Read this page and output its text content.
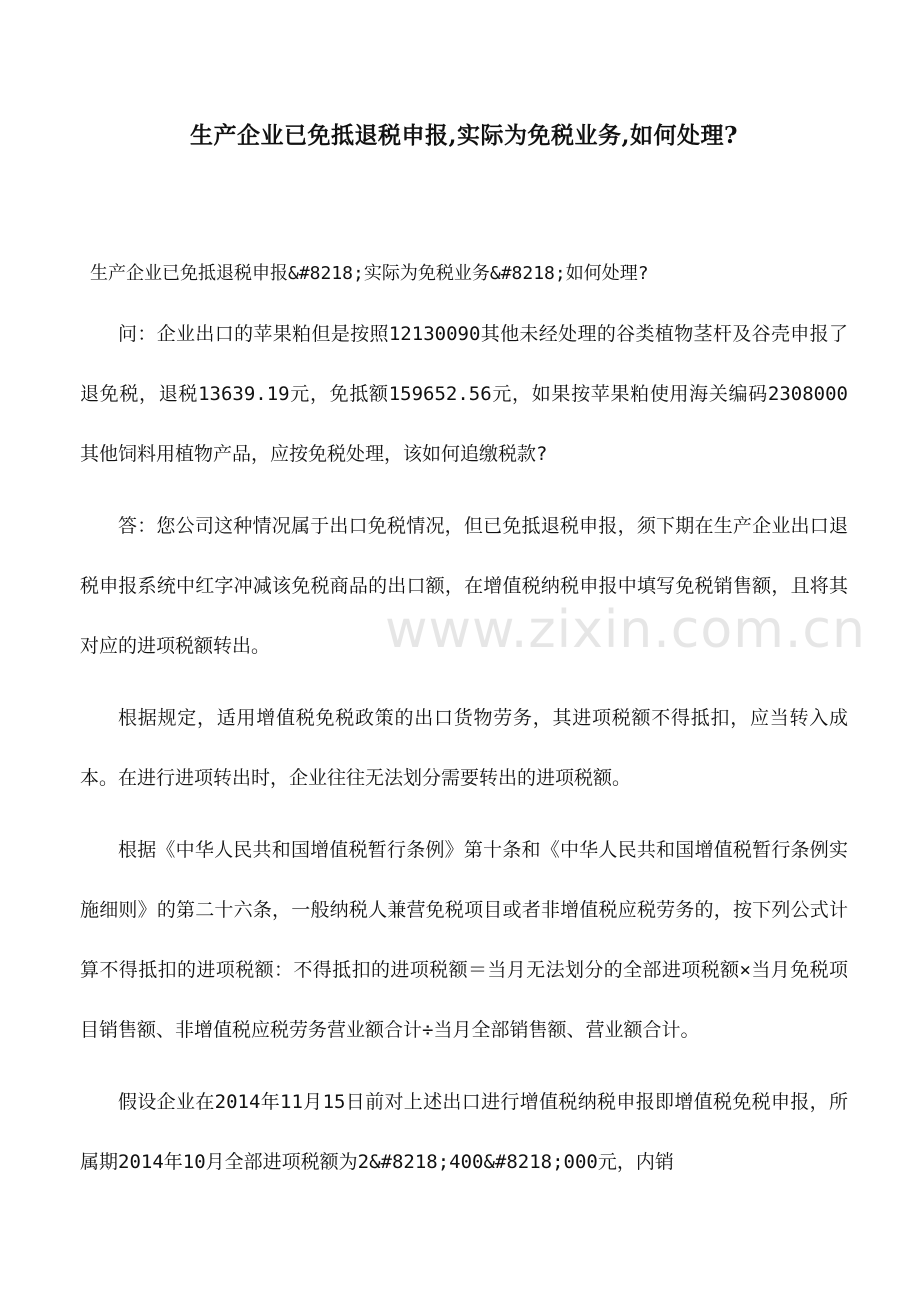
生产企业已免抵退税申报,实际为免税业务,如何处理?

生产企业已免抵退税申报&#8218;实际为免税业务&#8218;如何处理?

问：企业出口的苹果粕但是按照12130090其他未经处理的谷类植物茎杆及谷壳申报了退免税，退税13639.19元，免抵额159652.56元，如果按苹果粕使用海关编码2308000其他饲料用植物产品，应按免税处理，该如何追缴税款?

答：您公司这种情况属于出口免税情况，但已免抵退税申报，须下期在生产企业出口退税申报系统中红字冲减该免税商品的出口额，在增值税纳税申报中填写免税销售额，且将其对应的进项税额转出。

根据规定，适用增值税免税政策的出口货物劳务，其进项税额不得抵扣，应当转入成本。在进行进项转出时，企业往往无法划分需要转出的进项税额。

根据《中华人民共和国增值税暂行条例》第十条和《中华人民共和国增值税暂行条例实施细则》的第二十六条，一般纳税人兼营免税项目或者非增值税应税劳务的，按下列公式计算不得抵扣的进项税额：不得抵扣的进项税额＝当月无法划分的全部进项税额×当月免税项目销售额、非增值税应税劳务营业额合计÷当月全部销售额、营业额合计。

假设企业在2014年11月15日前对上述出口进行增值税纳税申报即增值税免税申报，所属期2014年10月全部进项税额为2&#8218;400&#8218;000元，内销

www.zixin.com.cn
